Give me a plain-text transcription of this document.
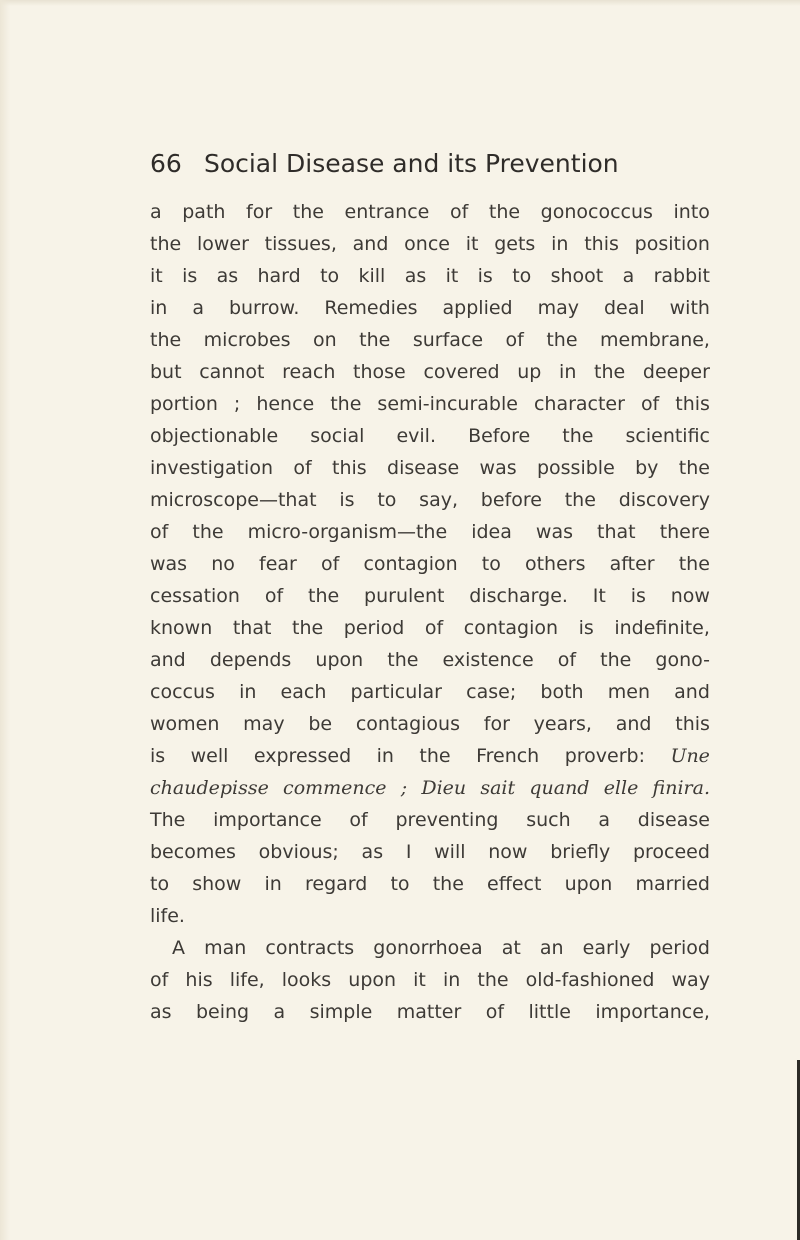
66 Social Disease and its Prevention
a path for the entrance of the gonococcus into
the lower tissues, and once it gets in this position
it is as hard to kill as it is to shoot a rabbit
in a burrow. Remedies applied may deal with
the microbes on the surface of the membrane,
but cannot reach those covered up in the deeper
portion ; hence the semi-incurable character of this
objectionable social evil. Before the scientific
investigation of this disease was possible by the
microscope—that is to say, before the discovery
of the micro-organism—the idea was that there
was no fear of contagion to others after the
cessation of the purulent discharge. It is now
known that the period of contagion is indefinite,
and depends upon the existence of the gono-
coccus in each particular case; both men and
women may be contagious for years, and this
is well expressed in the French proverb: Une
chaudepisse commence ; Dieu sait quand elle finira.
The importance of preventing such a disease
becomes obvious; as I will now briefly proceed
to show in regard to the effect upon married
life.
A man contracts gonorrhoea at an early period
of his life, looks upon it in the old-fashioned way
as being a simple matter of little importance,
